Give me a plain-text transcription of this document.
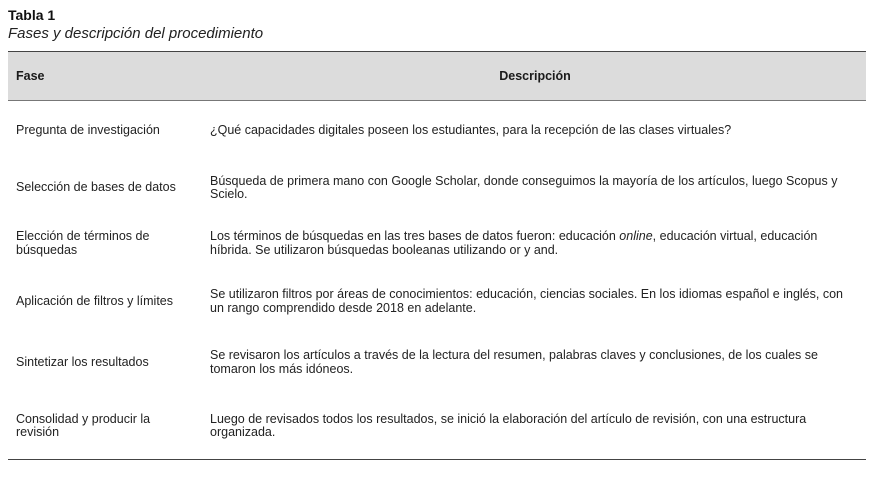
Tabla 1

Fases y descripción del procedimiento

Fase	Descripción
Pregunta de investigación	¿Qué capacidades digitales poseen los estudiantes, para la recepción de las clases virtuales?
Selección de bases de datos	Búsqueda de primera mano con Google Scholar, donde conseguimos la mayoría de los artículos, luego Scopus y Scielo.
Elección de términos de búsquedas	Los términos de búsquedas en las tres bases de datos fueron: educación online, educación virtual, educación híbrida. Se utilizaron búsquedas booleanas utilizando or y and.
Aplicación de filtros y límites	Se utilizaron filtros por áreas de conocimientos: educación, ciencias sociales. En los idiomas español e inglés, con un rango comprendido desde 2018 en adelante.
Sintetizar los resultados	Se revisaron los artículos a través de la lectura del resumen, palabras claves y conclusiones, de los cuales se tomaron los más idóneos.
Consolidad y producir la revisión	Luego de revisados todos los resultados, se inició la elaboración del artículo de revisión, con una estructura organizada.
